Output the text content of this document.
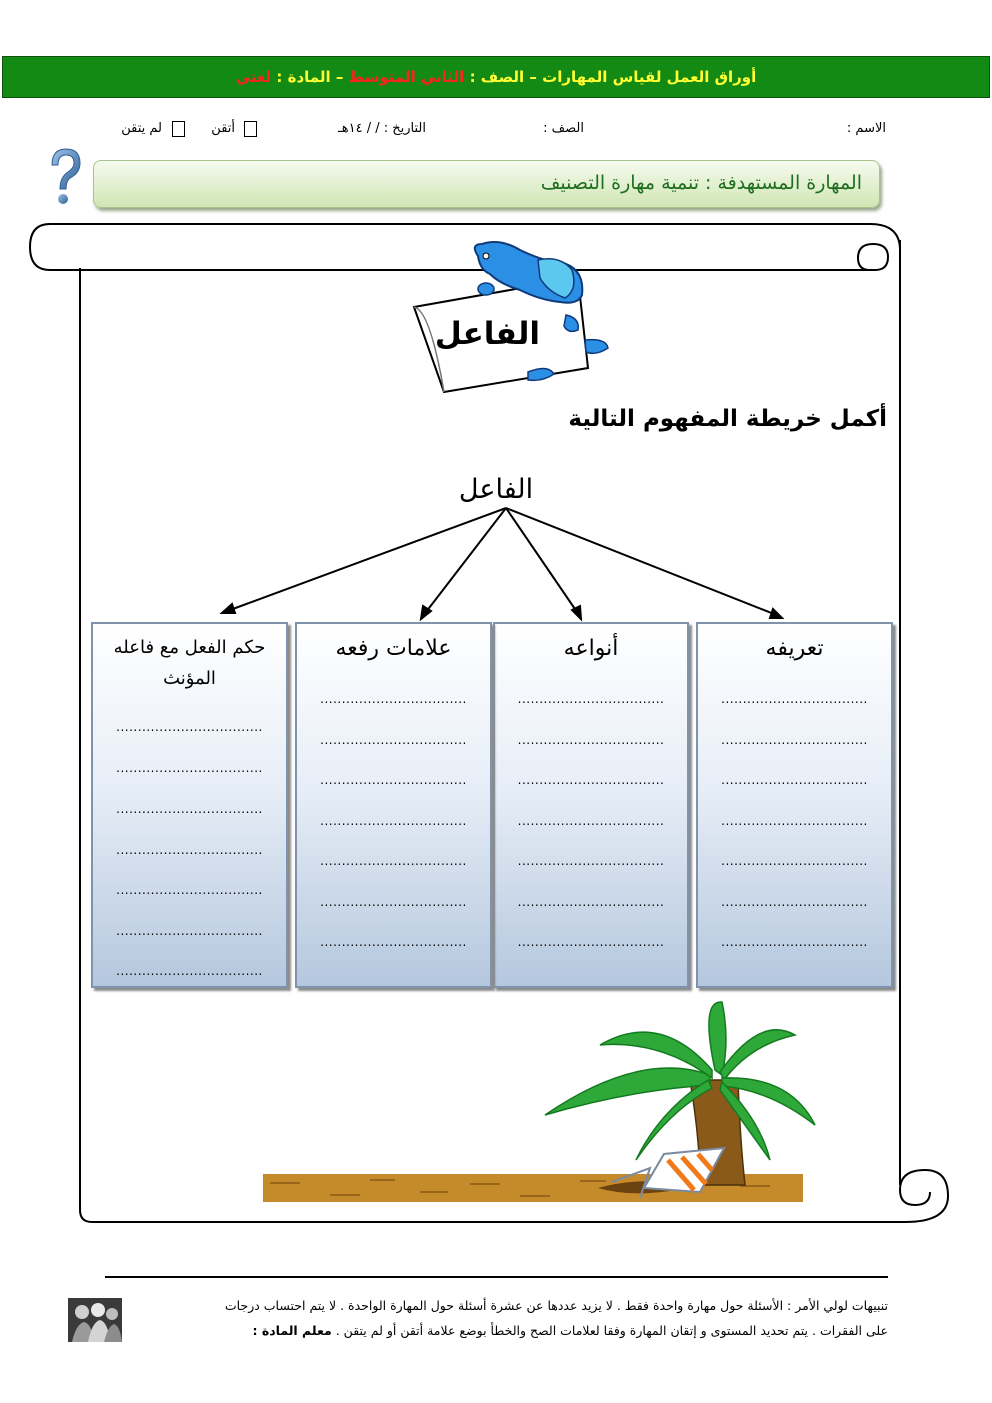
أوراق العمل لقياس المهارات – الصف : الثاني المتوسط – المادة : لغتي
الاسم :
الصف :
التاريخ : / / ١٤هـ
أتقن
لم يتقن
المهارة المستهدفة : تنمية مهارة التصنيف
الفاعل
أكمل خريطة المفهوم التالية
الفاعل
تعريفه
..................................
..................................
..................................
..................................
..................................
..................................
..................................
أنواعه
..................................
..................................
..................................
..................................
..................................
..................................
..................................
علامات رفعه
..................................
..................................
..................................
..................................
..................................
..................................
..................................
حكم الفعل مع فاعله
المؤنث
..................................
..................................
..................................
..................................
..................................
..................................
..................................
تنبيهات لولي الأمر : الأسئلة حول مهارة واحدة فقط . لا يزيد عددها عن عشرة أسئلة حول المهارة الواحدة . لا يتم احتساب درجات
على الفقرات . يتم تحديد المستوى و إتقان المهارة وفقا لعلامات الصح والخطأ بوضع علامة أتقن أو لم يتقن . معلم المادة :
